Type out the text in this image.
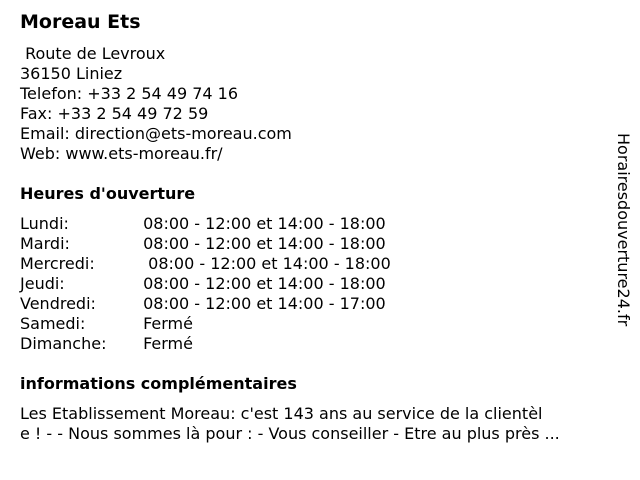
Moreau Ets
Route de Levroux
36150 Liniez
Telefon: +33 2 54 49 74 16
Fax: +33 2 54 49 72 59
Email: direction@ets-moreau.com
Web: www.ets-moreau.fr/
Heures d'ouverture
Lundi:	08:00 - 12:00 et 14:00 - 18:00
Mardi:	08:00 - 12:00 et 14:00 - 18:00
Mercredi:	08:00 - 12:00 et 14:00 - 18:00
Jeudi:	08:00 - 12:00 et 14:00 - 18:00
Vendredi:	08:00 - 12:00 et 14:00 - 17:00
Samedi:	Fermé
Dimanche:	Fermé
informations complémentaires
Les Etablissement Moreau: c'est 143 ans au service de la clientèl
e ! - - Nous sommes là pour : - Vous conseiller - Etre au plus près ...
Horairesdouverture24.fr
